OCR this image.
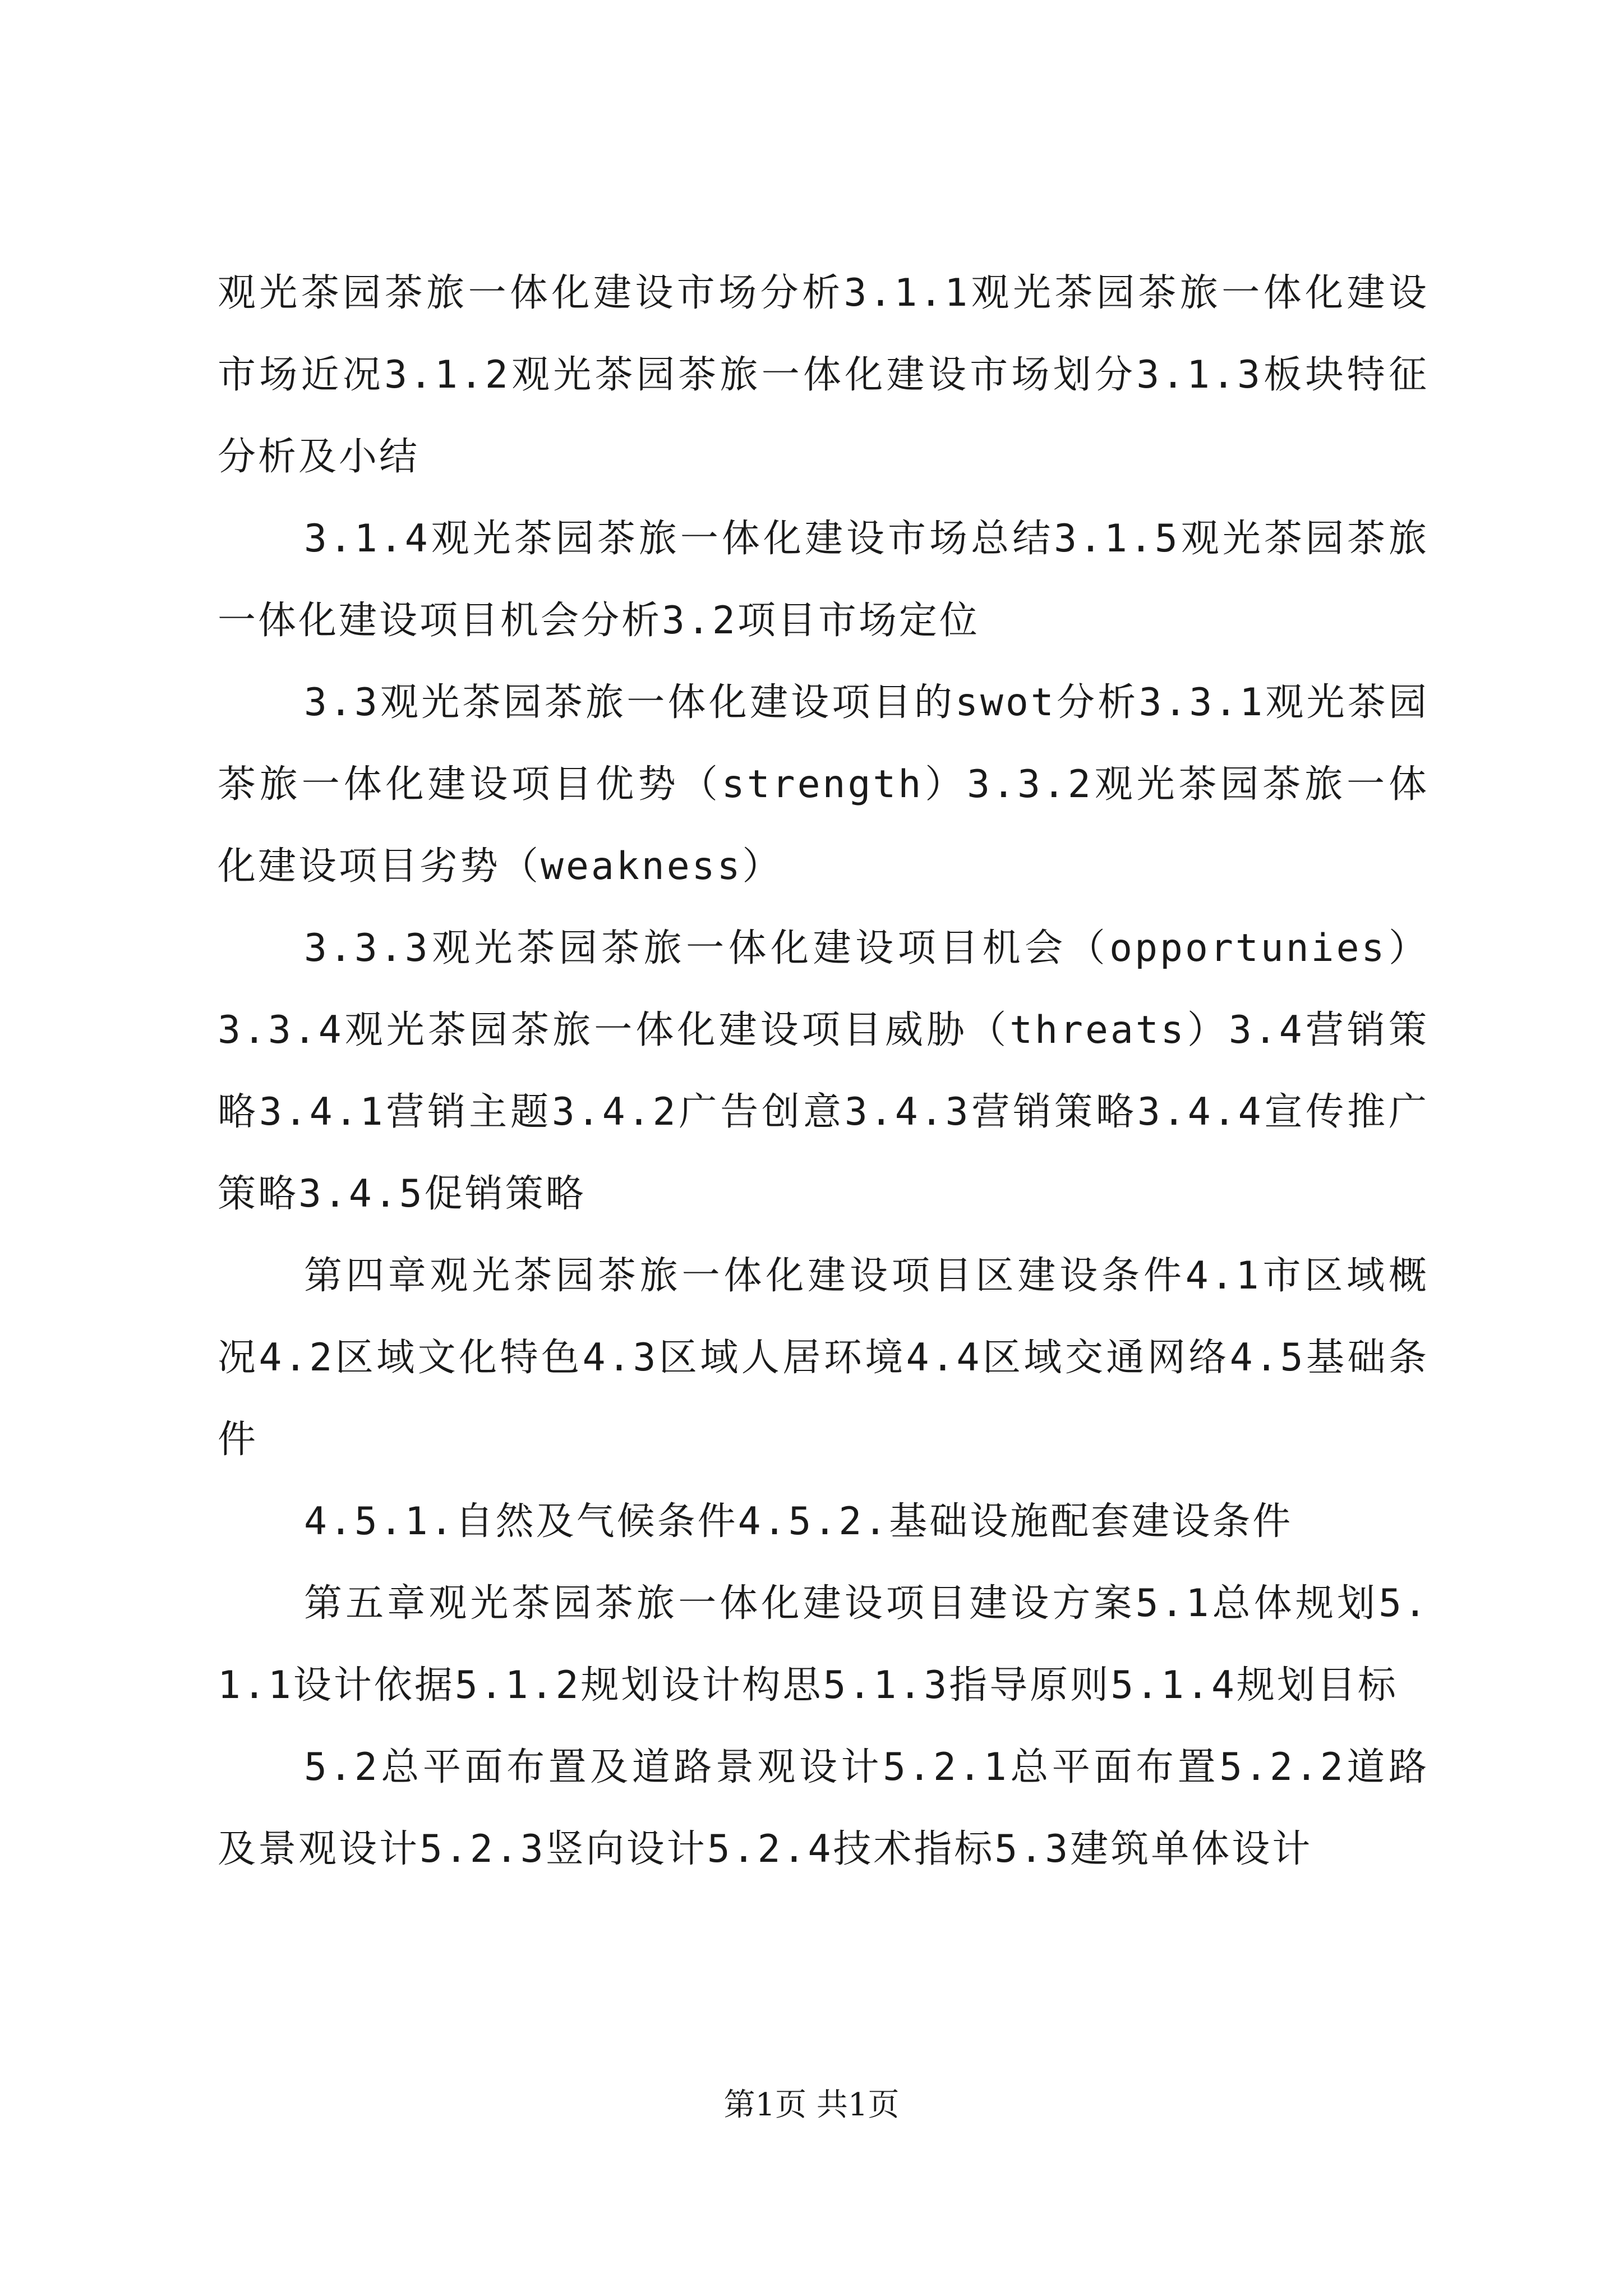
观光茶园茶旅一体化建设市场分析3.1.1观光茶园茶旅一体化建设市场近况3.1.2观光茶园茶旅一体化建设市场划分3.1.3板块特征分析及小结

3.1.4观光茶园茶旅一体化建设市场总结3.1.5观光茶园茶旅一体化建设项目机会分析3.2项目市场定位

3.3观光茶园茶旅一体化建设项目的swot分析3.3.1观光茶园茶旅一体化建设项目优势（strength）3.3.2观光茶园茶旅一体化建设项目劣势（weakness）

3.3.3观光茶园茶旅一体化建设项目机会（opportunies）3.3.4观光茶园茶旅一体化建设项目威胁（threats）3.4营销策略3.4.1营销主题3.4.2广告创意3.4.3营销策略3.4.4宣传推广策略3.4.5促销策略

第四章观光茶园茶旅一体化建设项目区建设条件4.1市区域概况4.2区域文化特色4.3区域人居环境4.4区域交通网络4.5基础条件

4.5.1.自然及气候条件4.5.2.基础设施配套建设条件

第五章观光茶园茶旅一体化建设项目建设方案5.1总体规划5.1.1设计依据5.1.2规划设计构思5.1.3指导原则5.1.4规划目标

5.2总平面布置及道路景观设计5.2.1总平面布置5.2.2道路及景观设计5.2.3竖向设计5.2.4技术指标5.3建筑单体设计

第1页 共1页
